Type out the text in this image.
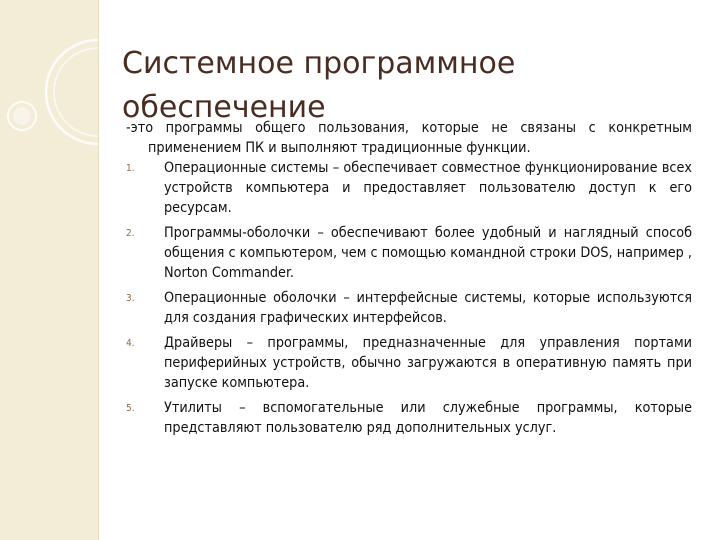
Системное программное обеспечение

-это программы общего пользования, которые не связаны с конкретным применением ПК и выполняют традиционные функции.

1.	Операционные системы – обеспечивает совместное функционирование всех устройств компьютера и предоставляет пользователю доступ к его ресурсам.
2.	Программы-оболочки – обеспечивают более удобный и наглядный способ общения с компьютером, чем с помощью командной строки DOS, например , Norton Commander.
3.	Операционные оболочки – интерфейсные системы, которые используются для создания графических интерфейсов.
4.	Драйверы – программы, предназначенные для управления портами периферийных устройств, обычно загружаются в оперативную память при запуске компьютера.
5.	Утилиты – вспомогательные или служебные программы, которые представляют пользователю ряд дополнительных услуг.
